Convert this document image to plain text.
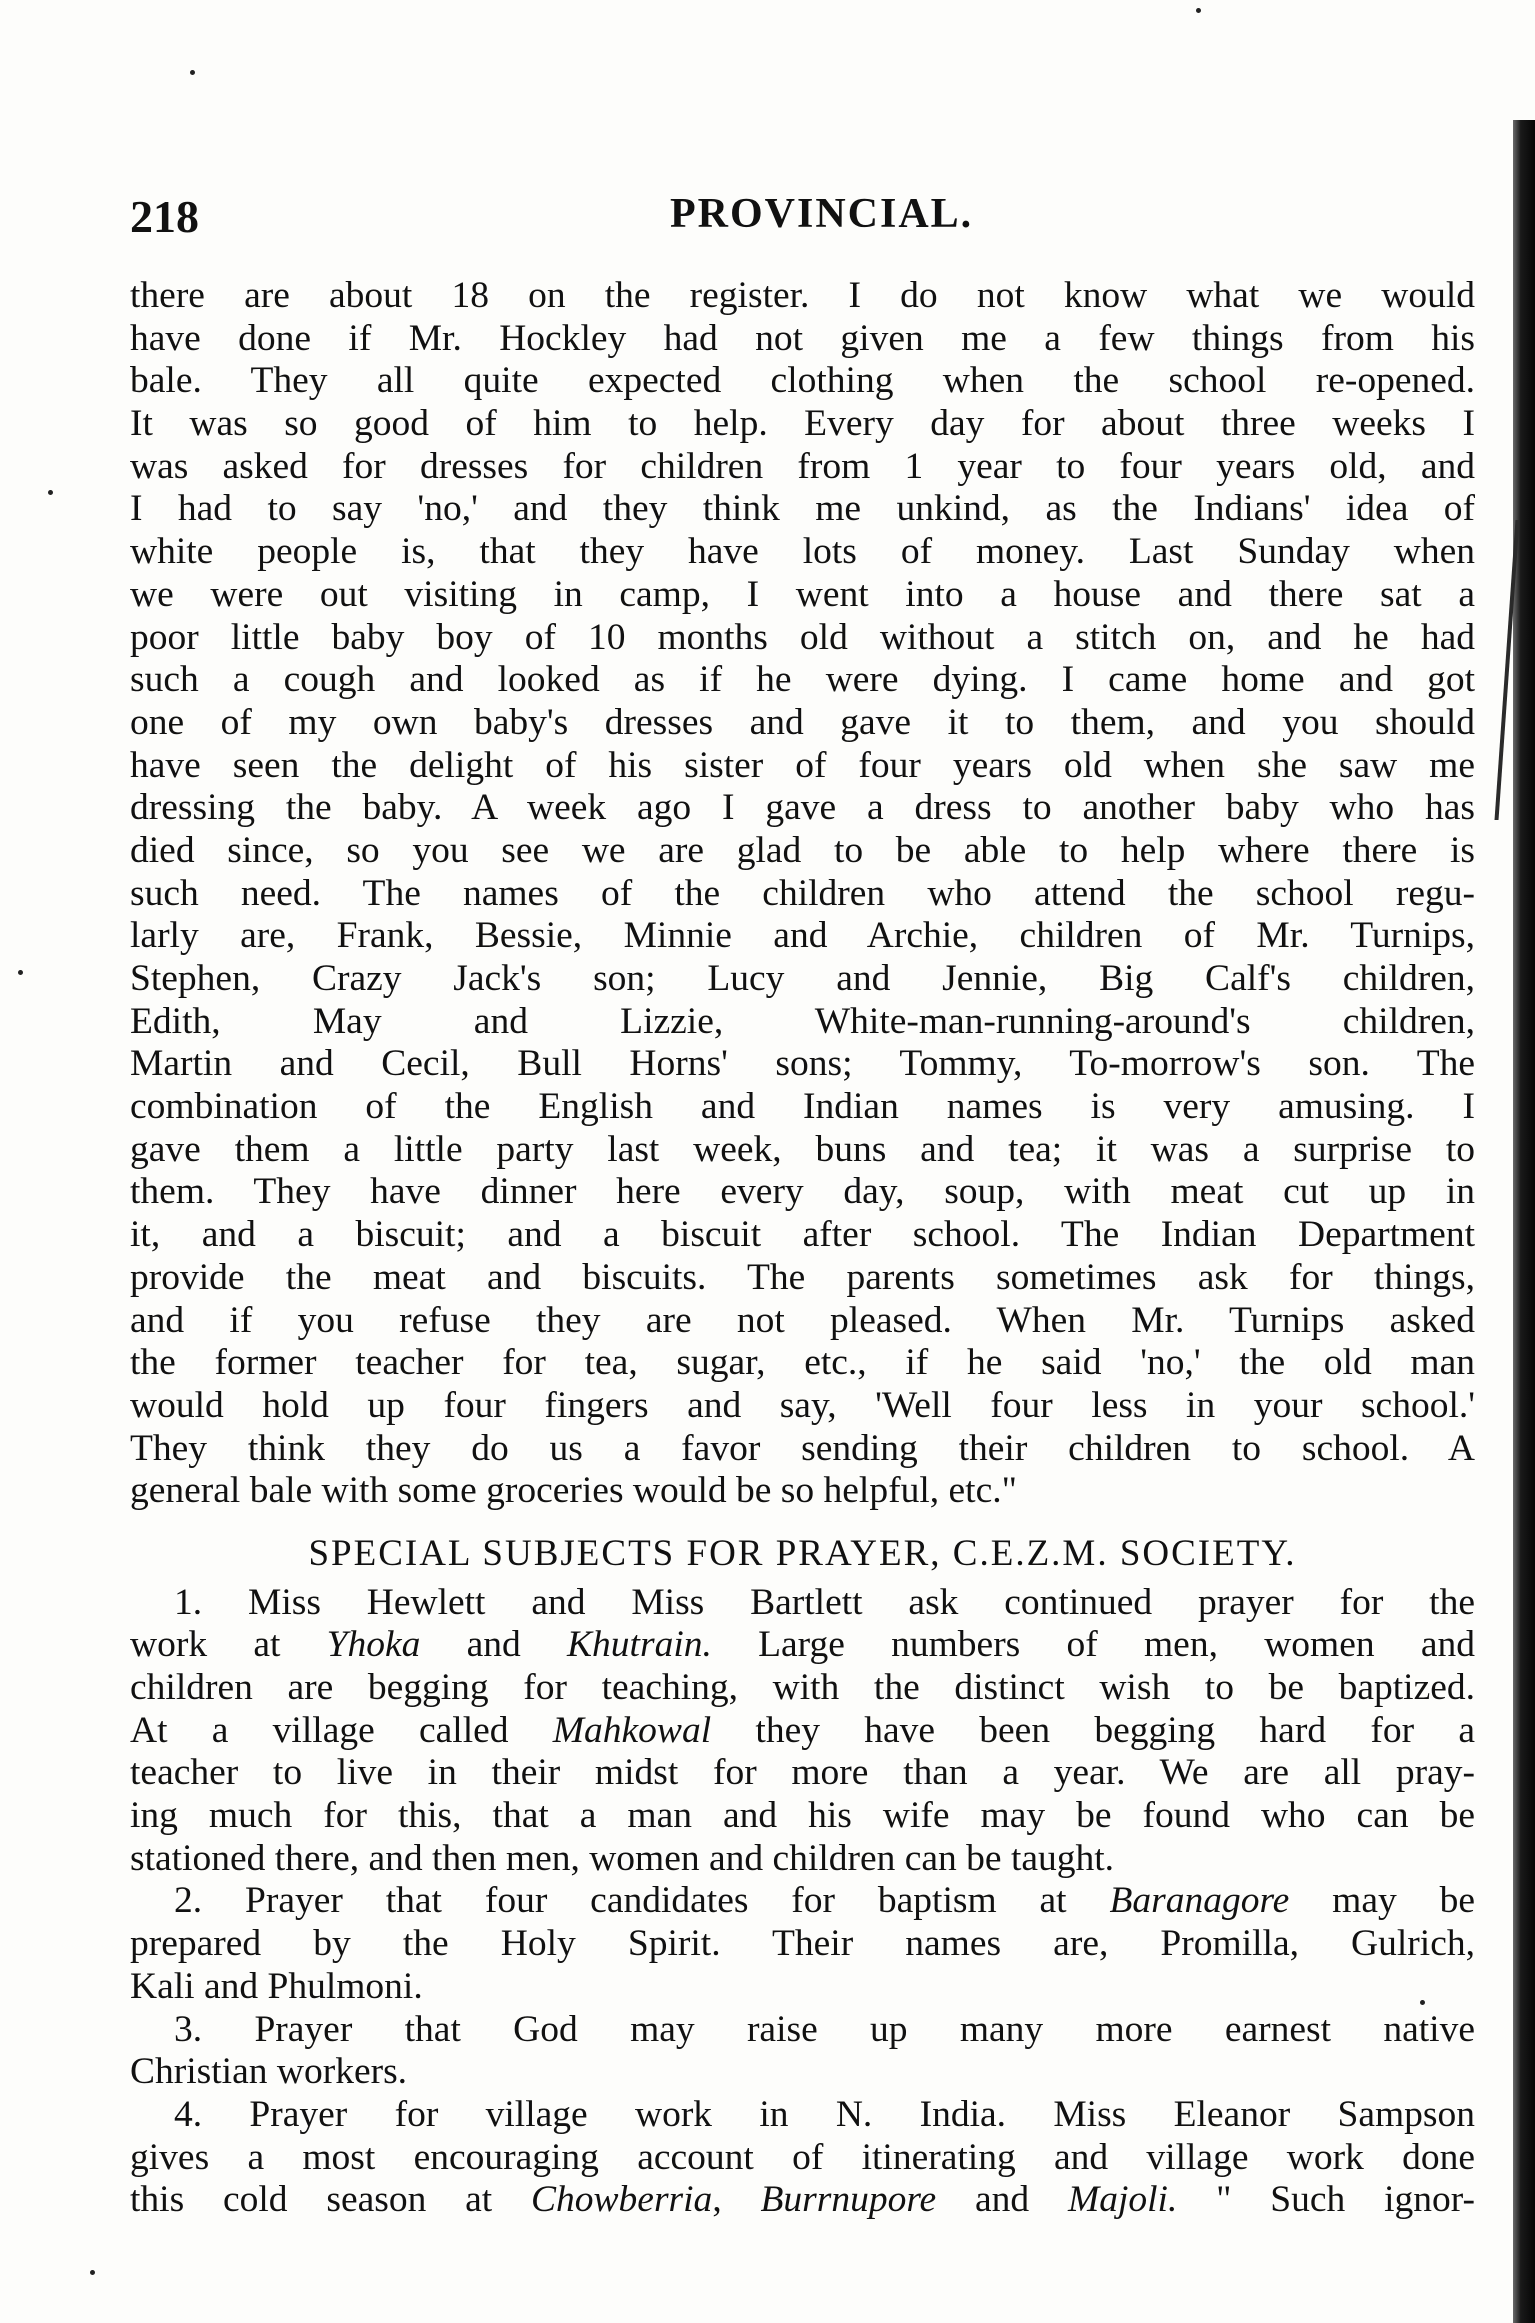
218	PROVINCIAL.
there are about 18 on the register. I do not know what we would
have done if Mr. Hockley had not given me a few things from his
bale. They all quite expected clothing when the school re-opened.
It was so good of him to help. Every day for about three weeks I
was asked for dresses for children from 1 year to four years old, and
I had to say 'no,' and they think me unkind, as the Indians' idea of
white people is, that they have lots of money. Last Sunday when
we were out visiting in camp, I went into a house and there sat a
poor little baby boy of 10 months old without a stitch on, and he had
such a cough and looked as if he were dying. I came home and got
one of my own baby's dresses and gave it to them, and you should
have seen the delight of his sister of four years old when she saw me
dressing the baby. A week ago I gave a dress to another baby who has
died since, so you see we are glad to be able to help where there is
such need. The names of the children who attend the school regu-
larly are, Frank, Bessie, Minnie and Archie, children of Mr. Turnips,
Stephen, Crazy Jack's son; Lucy and Jennie, Big Calf's children,
Edith, May and Lizzie, White-man-running-around's children,
Martin and Cecil, Bull Horns' sons; Tommy, To-morrow's son. The
combination of the English and Indian names is very amusing. I
gave them a little party last week, buns and tea; it was a surprise to
them. They have dinner here every day, soup, with meat cut up in
it, and a biscuit; and a biscuit after school. The Indian Department
provide the meat and biscuits. The parents sometimes ask for things,
and if you refuse they are not pleased. When Mr. Turnips asked
the former teacher for tea, sugar, etc., if he said 'no,' the old man
would hold up four fingers and say, 'Well four less in your school.'
They think they do us a favor sending their children to school. A
general bale with some groceries would be so helpful, etc."
SPECIAL SUBJECTS FOR PRAYER, C.E.Z.M. SOCIETY.
1. Miss Hewlett and Miss Bartlett ask continued prayer for the
work at Yhoka and Khutrain. Large numbers of men, women and
children are begging for teaching, with the distinct wish to be baptized.
At a village called Mahkowal they have been begging hard for a
teacher to live in their midst for more than a year. We are all pray-
ing much for this, that a man and his wife may be found who can be
stationed there, and then men, women and children can be taught.
2. Prayer that four candidates for baptism at Baranagore may be
prepared by the Holy Spirit. Their names are, Promilla, Gulrich,
Kali and Phulmoni.
3. Prayer that God may raise up many more earnest native
Christian workers.
4. Prayer for village work in N. India. Miss Eleanor Sampson
gives a most encouraging account of itinerating and village work done
this cold season at Chowberria, Burrnupore and Majoli. " Such ignor-
